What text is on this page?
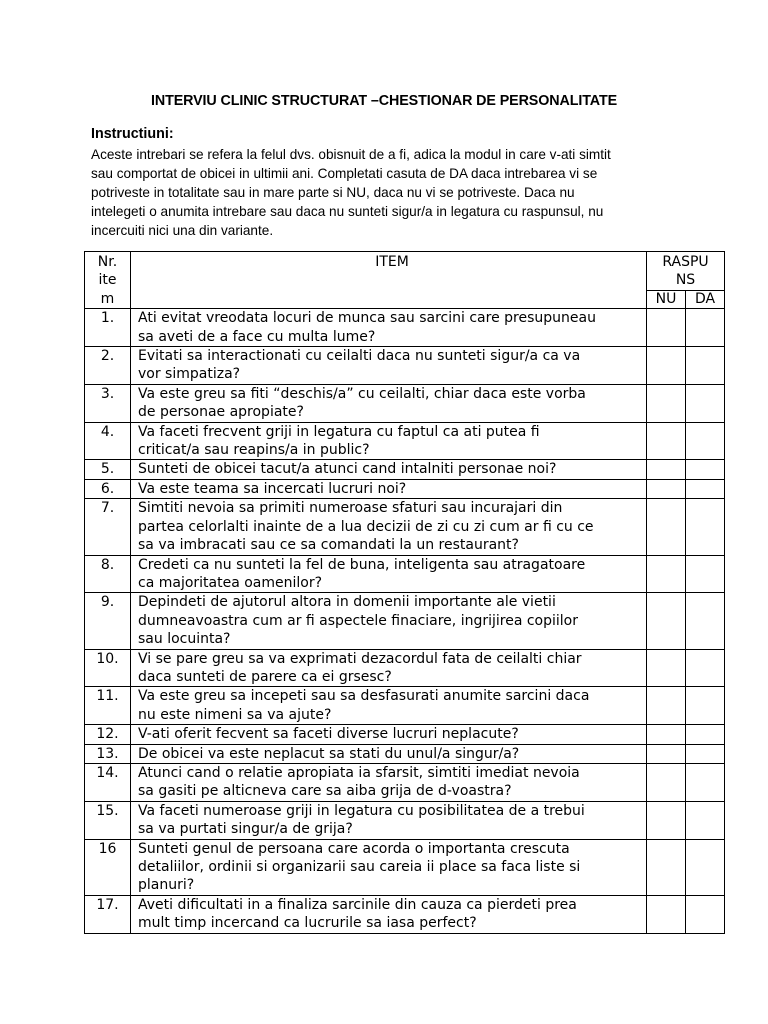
INTERVIU CLINIC STRUCTURAT –CHESTIONAR DE PERSONALITATE
Instructiuni:
Aceste intrebari se refera la felul dvs. obisnuit de a fi, adica la modul in care v-ati simtit
sau comportat de obicei in ultimii ani. Completati casuta de DA daca intrebarea vi se
potriveste in totalitate sau in mare parte si NU, daca nu vi se potriveste. Daca nu
intelegeti o anumita intrebare sau daca nu sunteti sigur/a in legatura cu raspunsul, nu
incercuiti nici una din variante.
Nr.
ite
m	ITEM	RASPU
NS	

		NU	DA
1.	Ati evitat vreodata locuri de munca sau sarcini care presupuneau
sa aveti de a face cu multa lume?		

2.	Evitati sa interactionati cu ceilalti daca nu sunteti sigur/a ca va
vor simpatiza?		

3.	Va este greu sa fiti “deschis/a” cu ceilalti, chiar daca este vorba
de personae apropiate?		

4.	Va faceti frecvent griji in legatura cu faptul ca ati putea fi
criticat/a sau reapins/a in public?		

5.	Sunteti de obicei tacut/a atunci cand intalniti personae noi?		

6.	Va este teama sa incercati lucruri noi?		

7.	Simtiti nevoia sa primiti numeroase sfaturi sau incurajari din
partea celorlalti inainte de a lua decizii de zi cu zi cum ar fi cu ce
sa va imbracati sau ce sa comandati la un restaurant?		

8.	Credeti ca nu sunteti la fel de buna, inteligenta sau atragatoare
ca majoritatea oamenilor?		

9.	Depindeti de ajutorul altora in domenii importante ale vietii
dumneavoastra cum ar fi aspectele finaciare, ingrijirea copiilor
sau locuinta?		

10.	Vi se pare greu sa va exprimati dezacordul fata de ceilalti chiar
daca sunteti de parere ca ei grsesc?		

11.	Va este greu sa incepeti sau sa desfasurati anumite sarcini daca
nu este nimeni sa va ajute?		

12.	V-ati oferit fecvent sa faceti diverse lucruri neplacute?		

13.	De obicei va este neplacut sa stati du unul/a singur/a?		

14.	Atunci cand o relatie apropiata ia sfarsit, simtiti imediat nevoia
sa gasiti pe alticneva care sa aiba grija de d-voastra?		

15.	Va faceti numeroase griji in legatura cu posibilitatea de a trebui
sa va purtati singur/a de grija?		

16	Sunteti genul de persoana care acorda o importanta crescuta
detaliilor, ordinii si organizarii sau careia ii place sa faca liste si
planuri?		

17.	Aveti dificultati in a finaliza sarcinile din cauza ca pierdeti prea
mult timp incercand ca lucrurile sa iasa perfect?		
